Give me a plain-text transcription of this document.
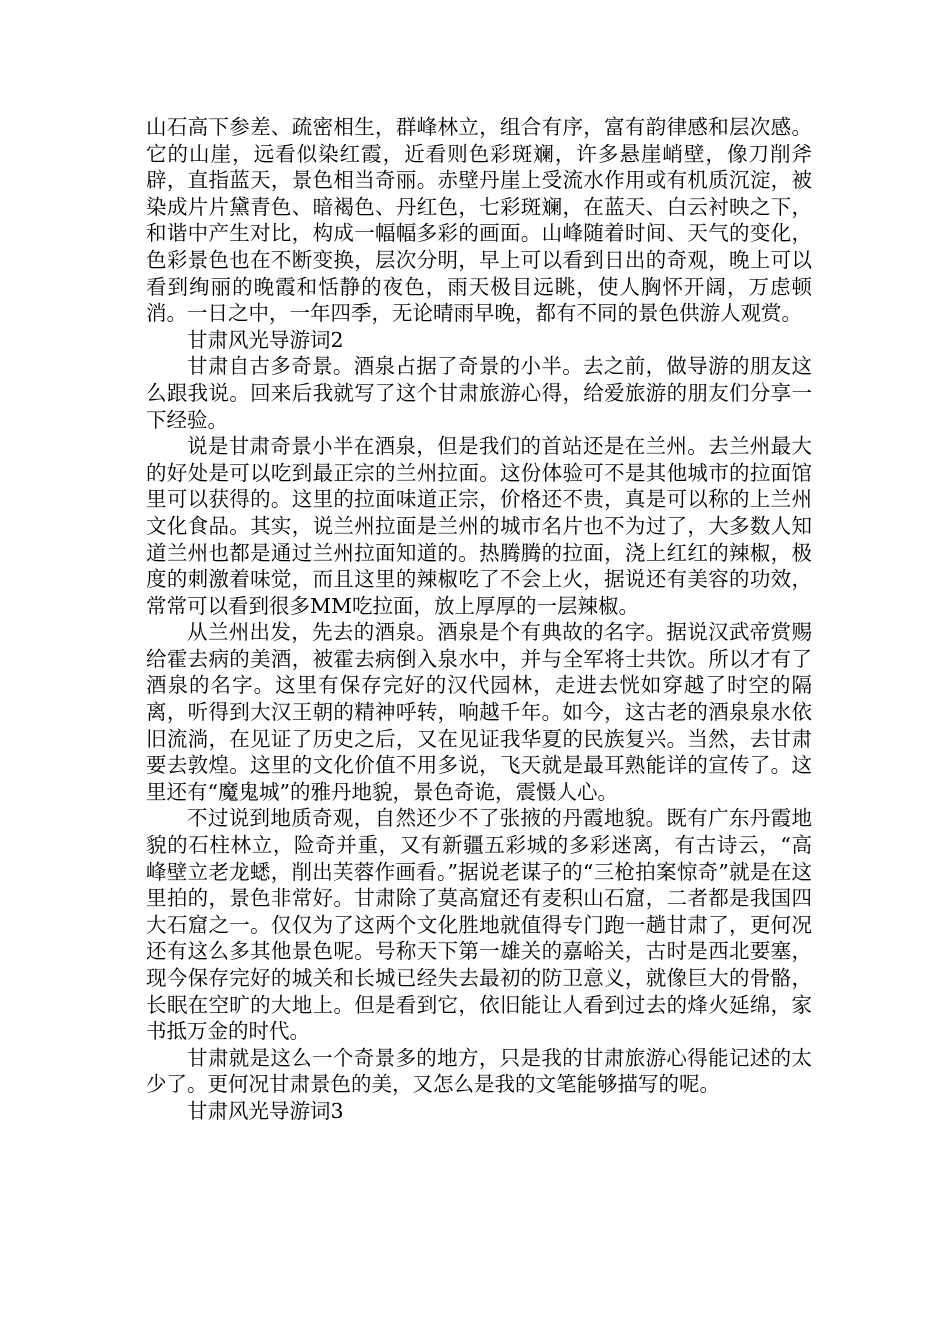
山石高下参差、疏密相生，群峰林立，组合有序，富有韵律感和层次感。它的山崖，远看似染红霞，近看则色彩斑斓，许多悬崖峭壁，像刀削斧辟，直指蓝天，景色相当奇丽。赤壁丹崖上受流水作用或有机质沉淀，被染成片片黛青色、暗褐色、丹红色，七彩斑斓，在蓝天、白云衬映之下，和谐中产生对比，构成一幅幅多彩的画面。山峰随着时间、天气的变化，色彩景色也在不断变换，层次分明，早上可以看到日出的奇观，晚上可以看到绚丽的晚霞和恬静的夜色，雨天极目远眺，使人胸怀开阔，万虑顿消。一日之中，一年四季，无论晴雨早晚，都有不同的景色供游人观赏。

甘肃风光导游词2

甘肃自古多奇景。酒泉占据了奇景的小半。去之前，做导游的朋友这么跟我说。回来后我就写了这个甘肃旅游心得，给爱旅游的朋友们分享一下经验。

说是甘肃奇景小半在酒泉，但是我们的首站还是在兰州。去兰州最大的好处是可以吃到最正宗的兰州拉面。这份体验可不是其他城市的拉面馆里可以获得的。这里的拉面味道正宗，价格还不贵，真是可以称的上兰州文化食品。其实，说兰州拉面是兰州的城市名片也不为过了，大多数人知道兰州也都是通过兰州拉面知道的。热腾腾的拉面，浇上红红的辣椒，极度的刺激着味觉，而且这里的辣椒吃了不会上火，据说还有美容的功效，常常可以看到很多MM吃拉面，放上厚厚的一层辣椒。

从兰州出发，先去的酒泉。酒泉是个有典故的名字。据说汉武帝赏赐给霍去病的美酒，被霍去病倒入泉水中，并与全军将士共饮。所以才有了酒泉的名字。这里有保存完好的汉代园林，走进去恍如穿越了时空的隔离，听得到大汉王朝的精神呼转，响越千年。如今，这古老的酒泉泉水依旧流淌，在见证了历史之后，又在见证我华夏的民族复兴。当然，去甘肃要去敦煌。这里的文化价值不用多说，飞天就是最耳熟能详的宣传了。这里还有“魔鬼城”的雅丹地貌，景色奇诡，震慑人心。

不过说到地质奇观，自然还少不了张掖的丹霞地貌。既有广东丹霞地貌的石柱林立，险奇并重，又有新疆五彩城的多彩迷离，有古诗云，“高峰壁立老龙蟋，削出芙蓉作画看。”据说老谋子的“三枪拍案惊奇”就是在这里拍的，景色非常好。甘肃除了莫高窟还有麦积山石窟，二者都是我国四大石窟之一。仅仅为了这两个文化胜地就值得专门跑一趟甘肃了，更何况还有这么多其他景色呢。号称天下第一雄关的嘉峪关，古时是西北要塞，现今保存完好的城关和长城已经失去最初的防卫意义，就像巨大的骨骼，长眠在空旷的大地上。但是看到它，依旧能让人看到过去的烽火延绵，家书抵万金的时代。

甘肃就是这么一个奇景多的地方，只是我的甘肃旅游心得能记述的太少了。更何况甘肃景色的美，又怎么是我的文笔能够描写的呢。

甘肃风光导游词3
